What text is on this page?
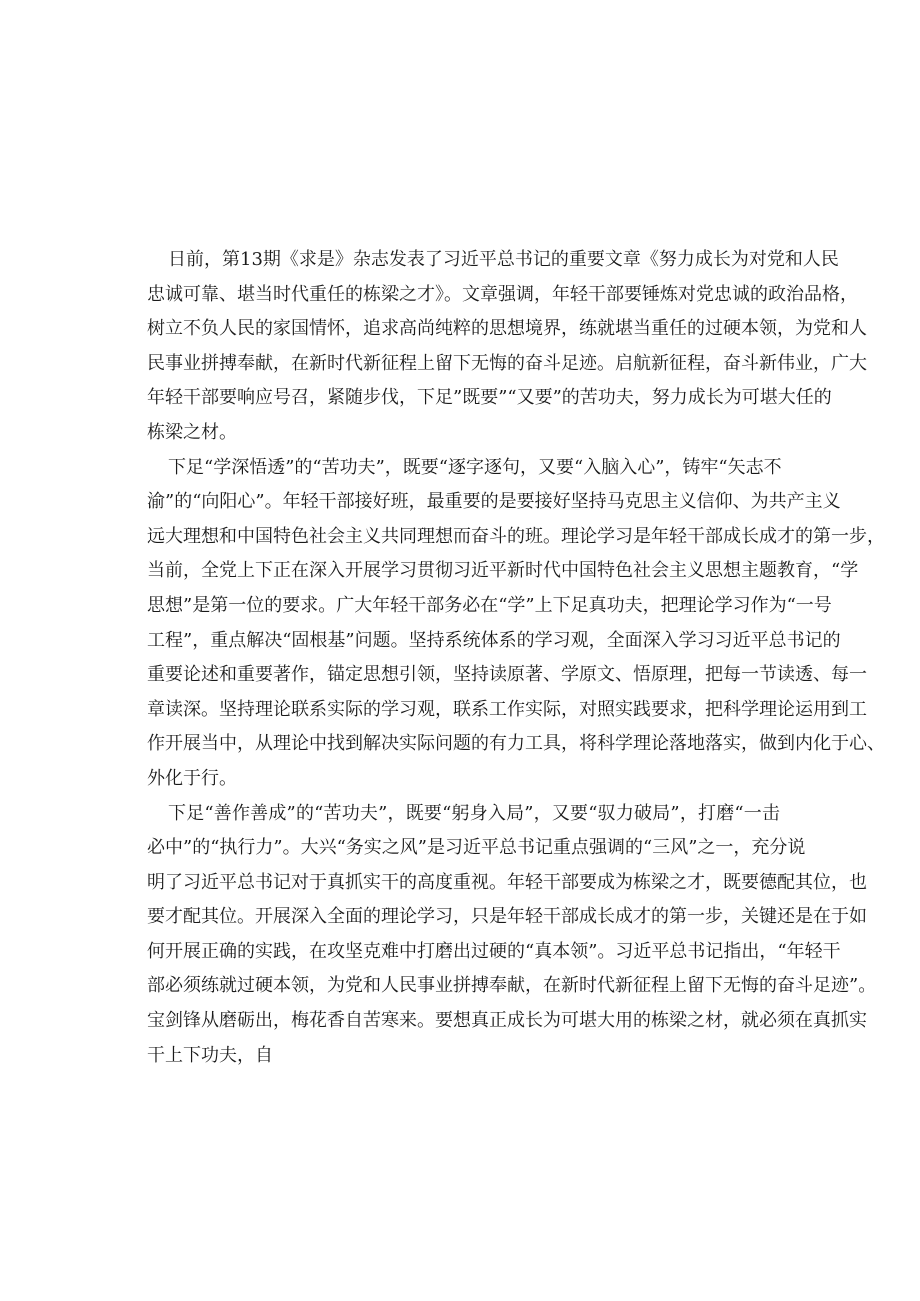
日前，第13期《求是》杂志发表了习近平总书记的重要文章《努力成长为对党和人民
忠诚可靠、堪当时代重任的栋梁之才》。文章强调，年轻干部要锤炼对党忠诚的政治品格，
树立不负人民的家国情怀，追求高尚纯粹的思想境界，练就堪当重任的过硬本领，为党和人
民事业拼搏奉献，在新时代新征程上留下无悔的奋斗足迹。启航新征程，奋斗新伟业，广大
年轻干部要响应号召，紧随步伐，下足”既要”“又要”的苦功夫，努力成长为可堪大任的
栋梁之材。
下足“学深悟透”的“苦功夫”，既要“逐字逐句，又要“入脑入心”，铸牢“矢志不
渝”的“向阳心”。年轻干部接好班，最重要的是要接好坚持马克思主义信仰、为共产主义
远大理想和中国特色社会主义共同理想而奋斗的班。理论学习是年轻干部成长成才的第一步，
当前，全党上下正在深入开展学习贯彻习近平新时代中国特色社会主义思想主题教育，“学
思想”是第一位的要求。广大年轻干部务必在“学”上下足真功夫，把理论学习作为“一号
工程”，重点解决“固根基”问题。坚持系统体系的学习观，全面深入学习习近平总书记的
重要论述和重要著作，锚定思想引领，坚持读原著、学原文、悟原理，把每一节读透、每一
章读深。坚持理论联系实际的学习观，联系工作实际，对照实践要求，把科学理论运用到工
作开展当中，从理论中找到解决实际问题的有力工具，将科学理论落地落实，做到内化于心、
外化于行。
下足“善作善成”的“苦功夫”，既要“躬身入局”，又要“驭力破局”，打磨“一击
必中”的“执行力”。大兴“务实之风”是习近平总书记重点强调的“三风”之一，充分说
明了习近平总书记对于真抓实干的高度重视。年轻干部要成为栋梁之才，既要德配其位，也
要才配其位。开展深入全面的理论学习，只是年轻干部成长成才的第一步，关键还是在于如
何开展正确的实践，在攻坚克难中打磨出过硬的“真本领”。习近平总书记指出，“年轻干
部必须练就过硬本领，为党和人民事业拼搏奉献，在新时代新征程上留下无悔的奋斗足迹”。
宝剑锋从磨砺出，梅花香自苦寒来。要想真正成长为可堪大用的栋梁之材，就必须在真抓实
干上下功夫，自
